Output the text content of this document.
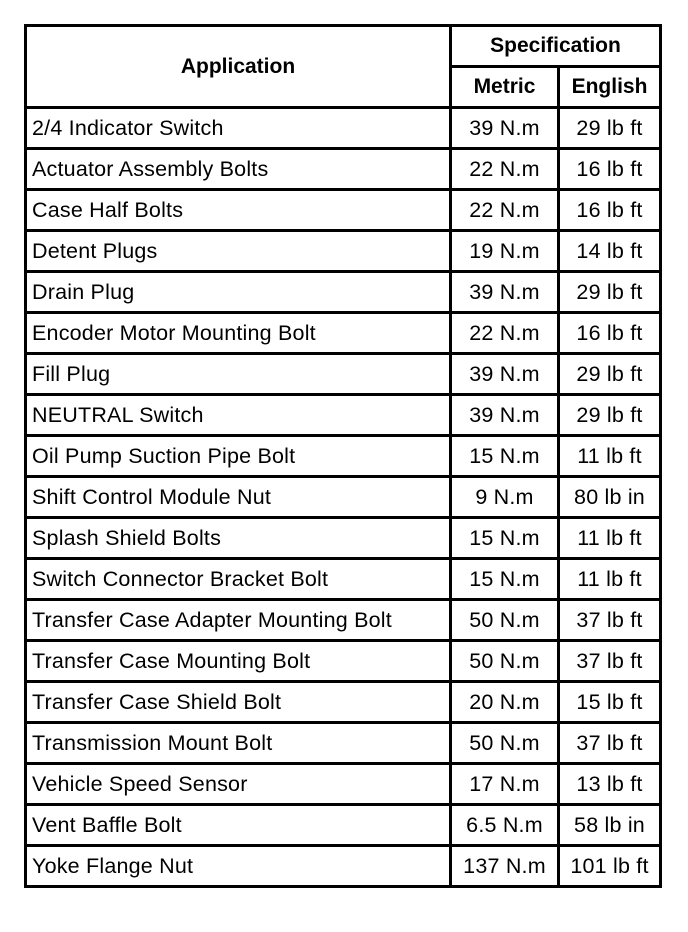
Application	Specification	
	Metric	English
2/4 Indicator Switch	39 N.m	29 lb ft
Actuator Assembly Bolts	22 N.m	16 lb ft
Case Half Bolts	22 N.m	16 lb ft
Detent Plugs	19 N.m	14 lb ft
Drain Plug	39 N.m	29 lb ft
Encoder Motor Mounting Bolt	22 N.m	16 lb ft
Fill Plug	39 N.m	29 lb ft
NEUTRAL Switch	39 N.m	29 lb ft
Oil Pump Suction Pipe Bolt	15 N.m	11 lb ft
Shift Control Module Nut	9 N.m	80 lb in
Splash Shield Bolts	15 N.m	11 lb ft
Switch Connector Bracket Bolt	15 N.m	11 lb ft
Transfer Case Adapter Mounting Bolt	50 N.m	37 lb ft
Transfer Case Mounting Bolt	50 N.m	37 lb ft
Transfer Case Shield Bolt	20 N.m	15 lb ft
Transmission Mount Bolt	50 N.m	37 lb ft
Vehicle Speed Sensor	17 N.m	13 lb ft
Vent Baffle Bolt	6.5 N.m	58 lb in
Yoke Flange Nut	137 N.m	101 lb ft
